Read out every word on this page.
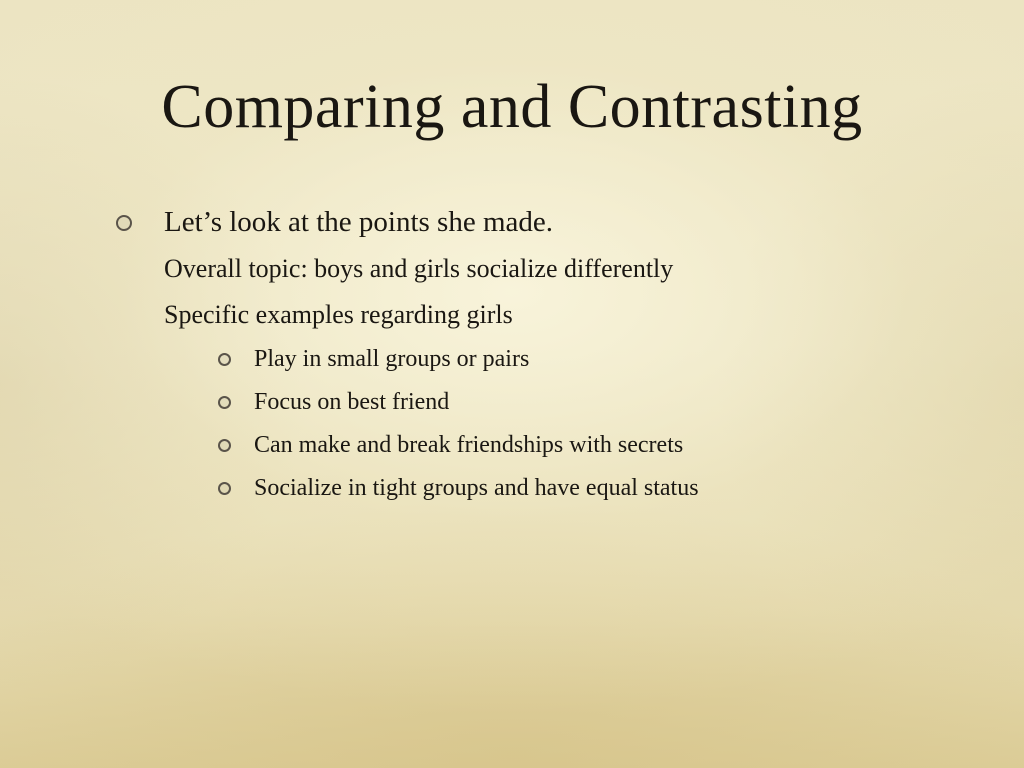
Comparing and Contrasting
Let’s look at the points she made.
Overall topic: boys and girls socialize differently
Specific examples regarding girls
Play in small groups or pairs
Focus on best friend
Can make and break friendships with secrets
Socialize in tight groups and have equal status
